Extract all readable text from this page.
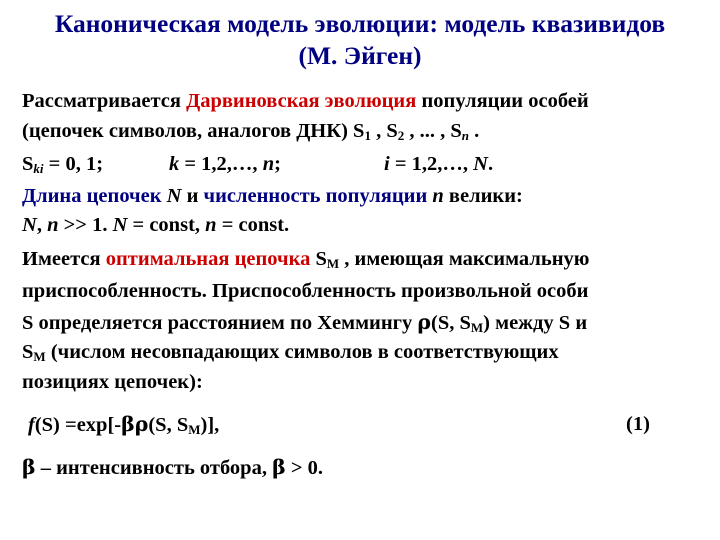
Каноническая модель эволюции: модель квазивидов
(М. Эйген)
Рассматривается Дарвиновская эволюция популяции особей
(цепочек символов, аналогов ДНК) $S_1$ , $S_2$ , ... , $S_n$ .
$S_{ki} = 0$, 1;	k = 1,2,…, n;	i = 1,2,…, N.
Длина цепочек N и численность популяции n велики:
N, n >> 1. N = const, n = const.
Имеется оптимальная цепочка $S_M$ , имеющая максимальную
приспособленность. Приспособленность произвольной особи
S определяется расстоянием по Хеммингу ρ(S, $S_M$) между S и
$S_M$ (числом несовпадающих символов в соответствующих
позициях цепочек):
f(S) =exp[-βρ(S, $S_M$)],	(1)
β – интенсивность отбора, β > 0.
